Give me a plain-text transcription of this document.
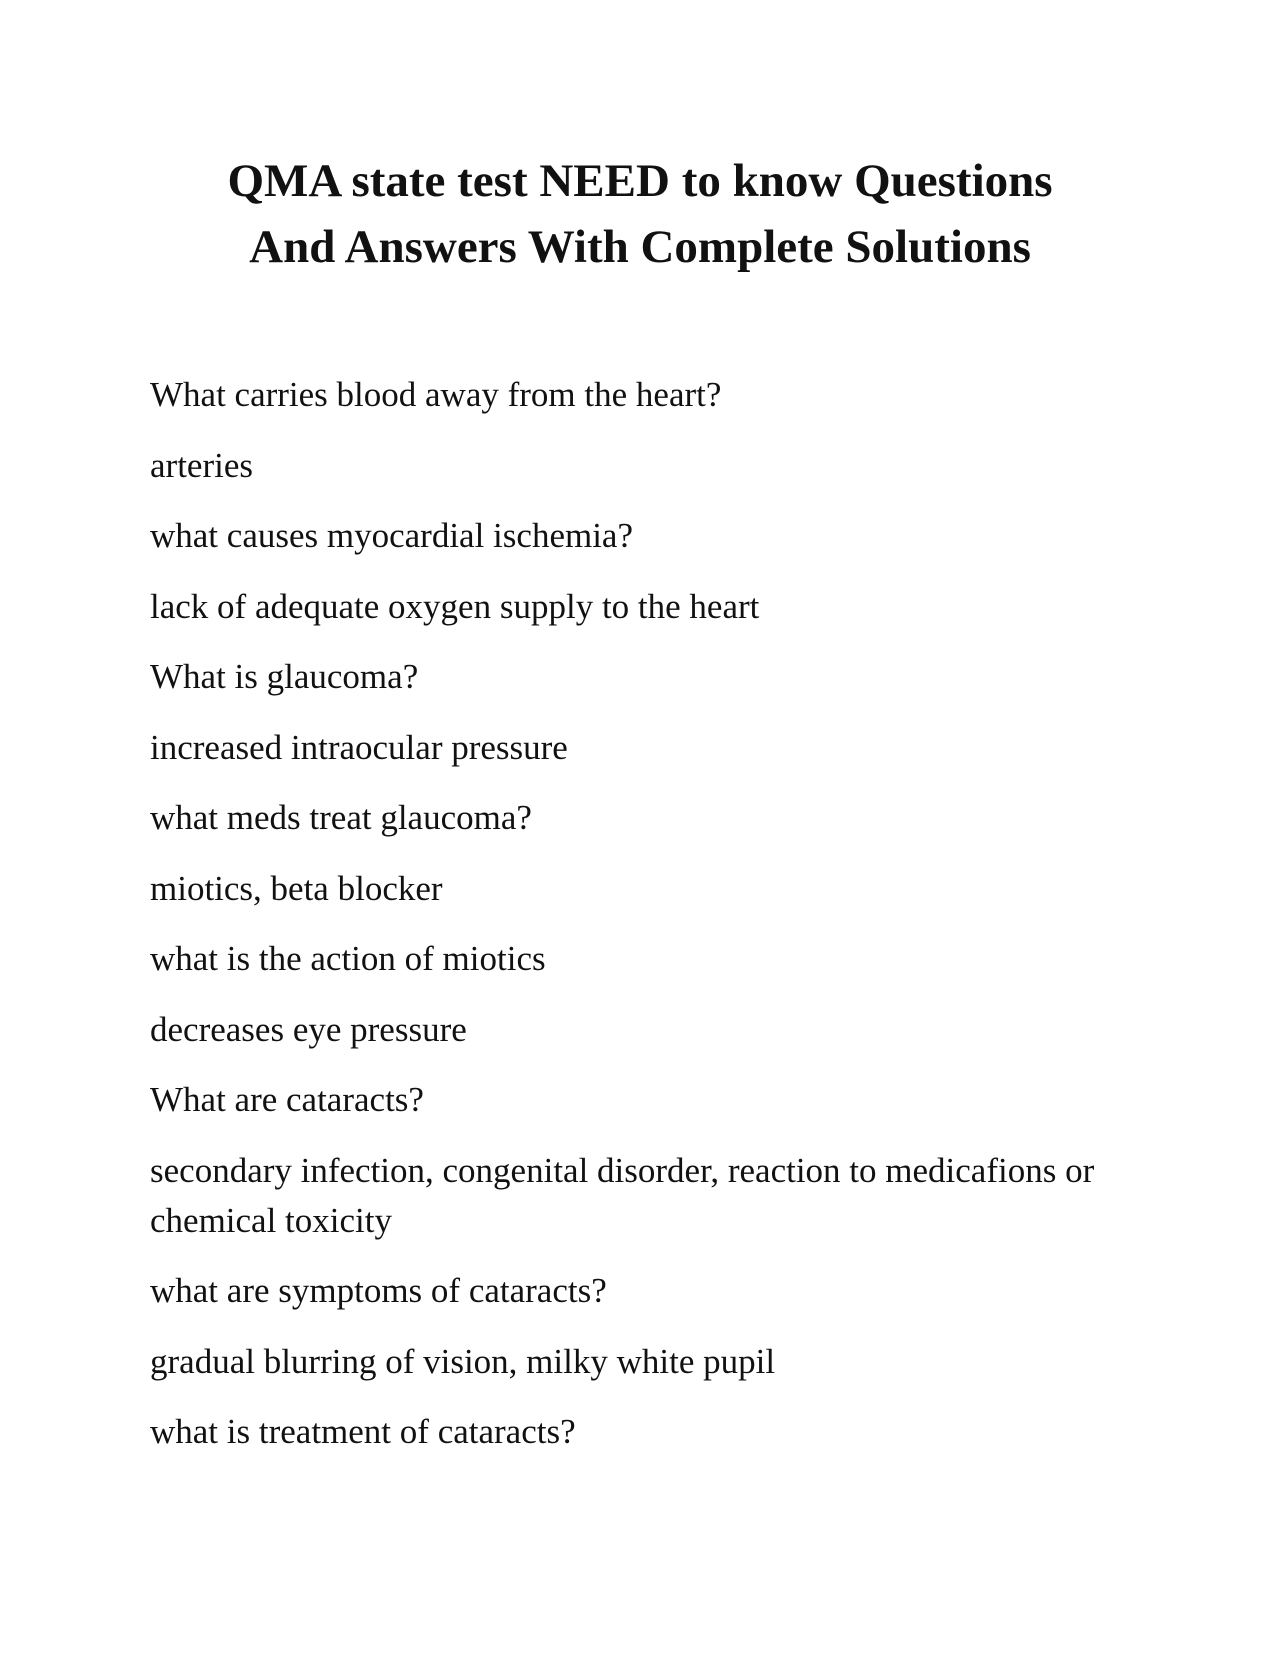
QMA state test NEED to know Questions
And Answers With Complete Solutions

What carries blood away from the heart?

arteries

what causes myocardial ischemia?

lack of adequate oxygen supply to the heart

What is glaucoma?

increased intraocular pressure

what meds treat glaucoma?

miotics, beta blocker

what is the action of miotics

decreases eye pressure

What are cataracts?

secondary infection, congenital disorder, reaction to medicafions or chemical toxicity

what are symptoms of cataracts?

gradual blurring of vision, milky white pupil

what is treatment of cataracts?
